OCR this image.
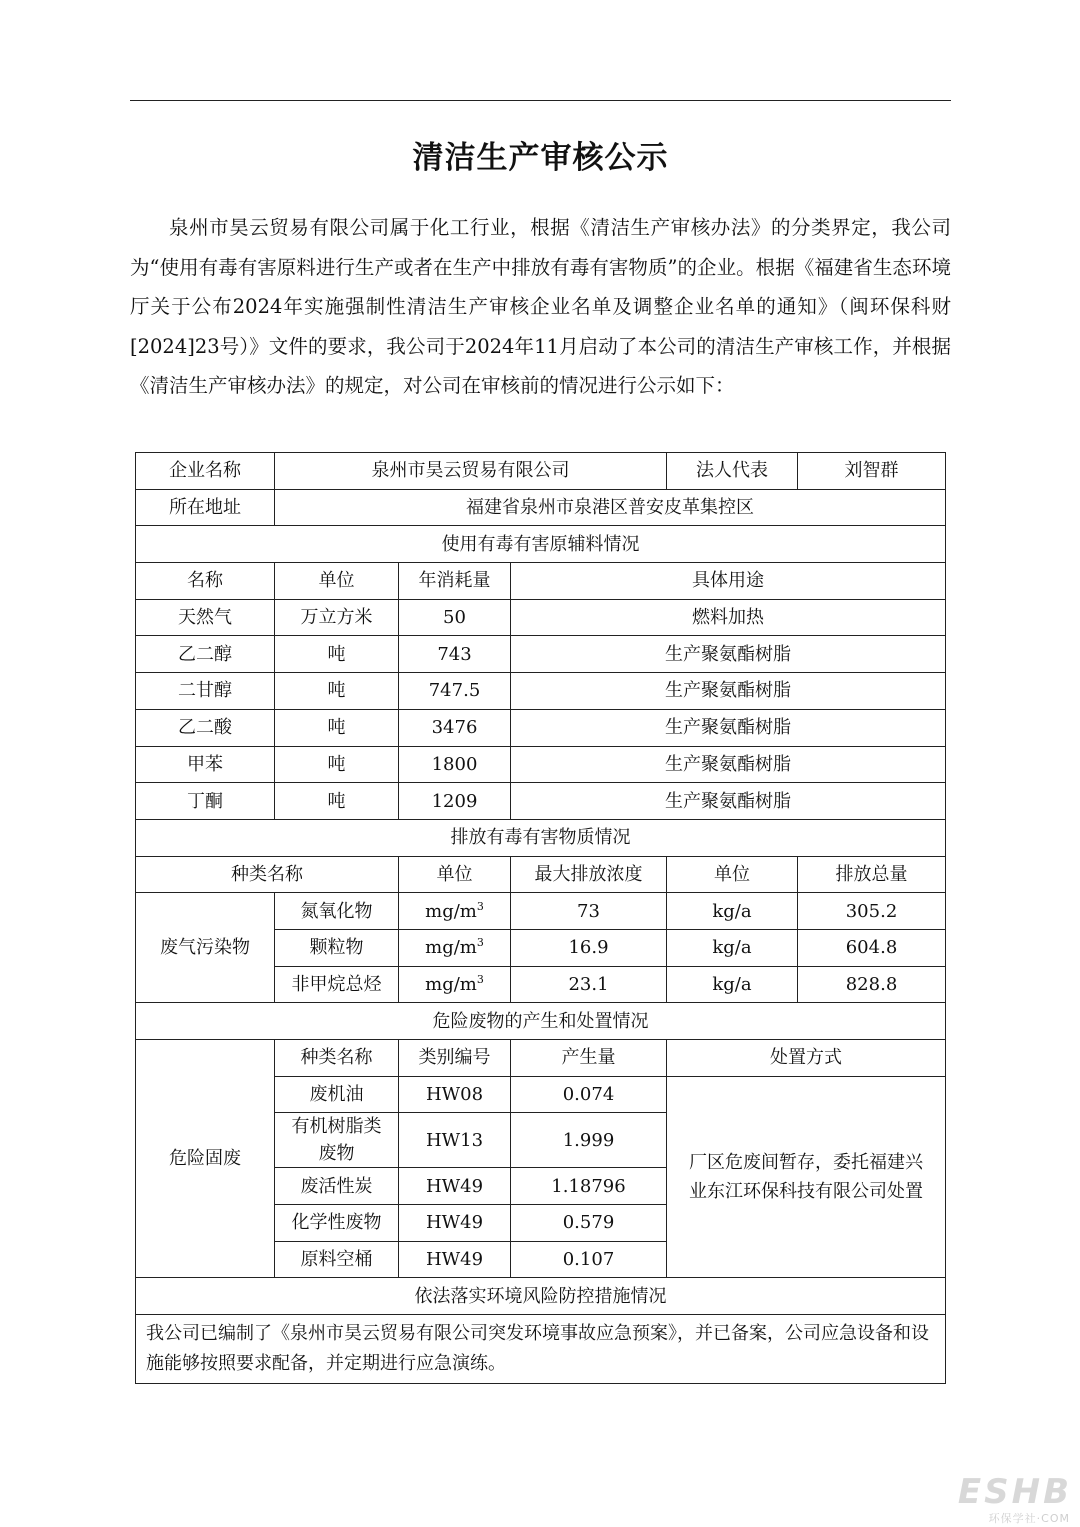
清洁生产审核公示
泉州市昊云贸易有限公司属于化工行业，根据《清洁生产审核办法》的分类界定，我公司为“使用有毒有害原料进行生产或者在生产中排放有毒有害物质”的企业。根据《福建省生态环境厅关于公布2024年实施强制性清洁生产审核企业名单及调整企业名单的通知》（闽环保科财[2024]23号）》文件的要求，我公司于2024年11月启动了本公司的清洁生产审核工作，并根据《清洁生产审核办法》的规定，对公司在审核前的情况进行公示如下：
企业名称	泉州市昊云贸易有限公司			法人代表	刘智群
所在地址	福建省泉州市泉港区普安皮革集控区				
使用有毒有害原辅料情况					
名称	单位	年消耗量	具体用途		
天然气	万立方米	50	燃料加热		
乙二醇	吨	743	生产聚氨酯树脂		
二甘醇	吨	747.5	生产聚氨酯树脂		
乙二酸	吨	3476	生产聚氨酯树脂		
甲苯	吨	1800	生产聚氨酯树脂		
丁酮	吨	1209	生产聚氨酯树脂		
排放有毒有害物质情况					
种类名称		单位	最大排放浓度	单位	排放总量
废气污染物	氮氧化物	$mg/m^3$	73	kg/a	305.2
	颗粒物	$mg/m^3$	16.9	kg/a	604.8
	非甲烷总烃	$mg/m^3$	23.1	kg/a	828.8
危险废物的产生和处置情况					
危险固废	种类名称	类别编号	产生量	处置方式	
	废机油	HW08	0.074	厂区危废间暂存，委托福建兴业东江环保科技有限公司处置	
	有机树脂类废物	HW13	1.999		
	废活性炭	HW49	1.18796		
	化学性废物	HW49	0.579		
	原料空桶	HW49	0.107		
依法落实环境风险防控措施情况					
我公司已编制了《泉州市昊云贸易有限公司突发环境事故应急预案》，并已备案，公司应急设备和设施能够按照要求配备，并定期进行应急演练。					
ESHB
环保学社·COM
